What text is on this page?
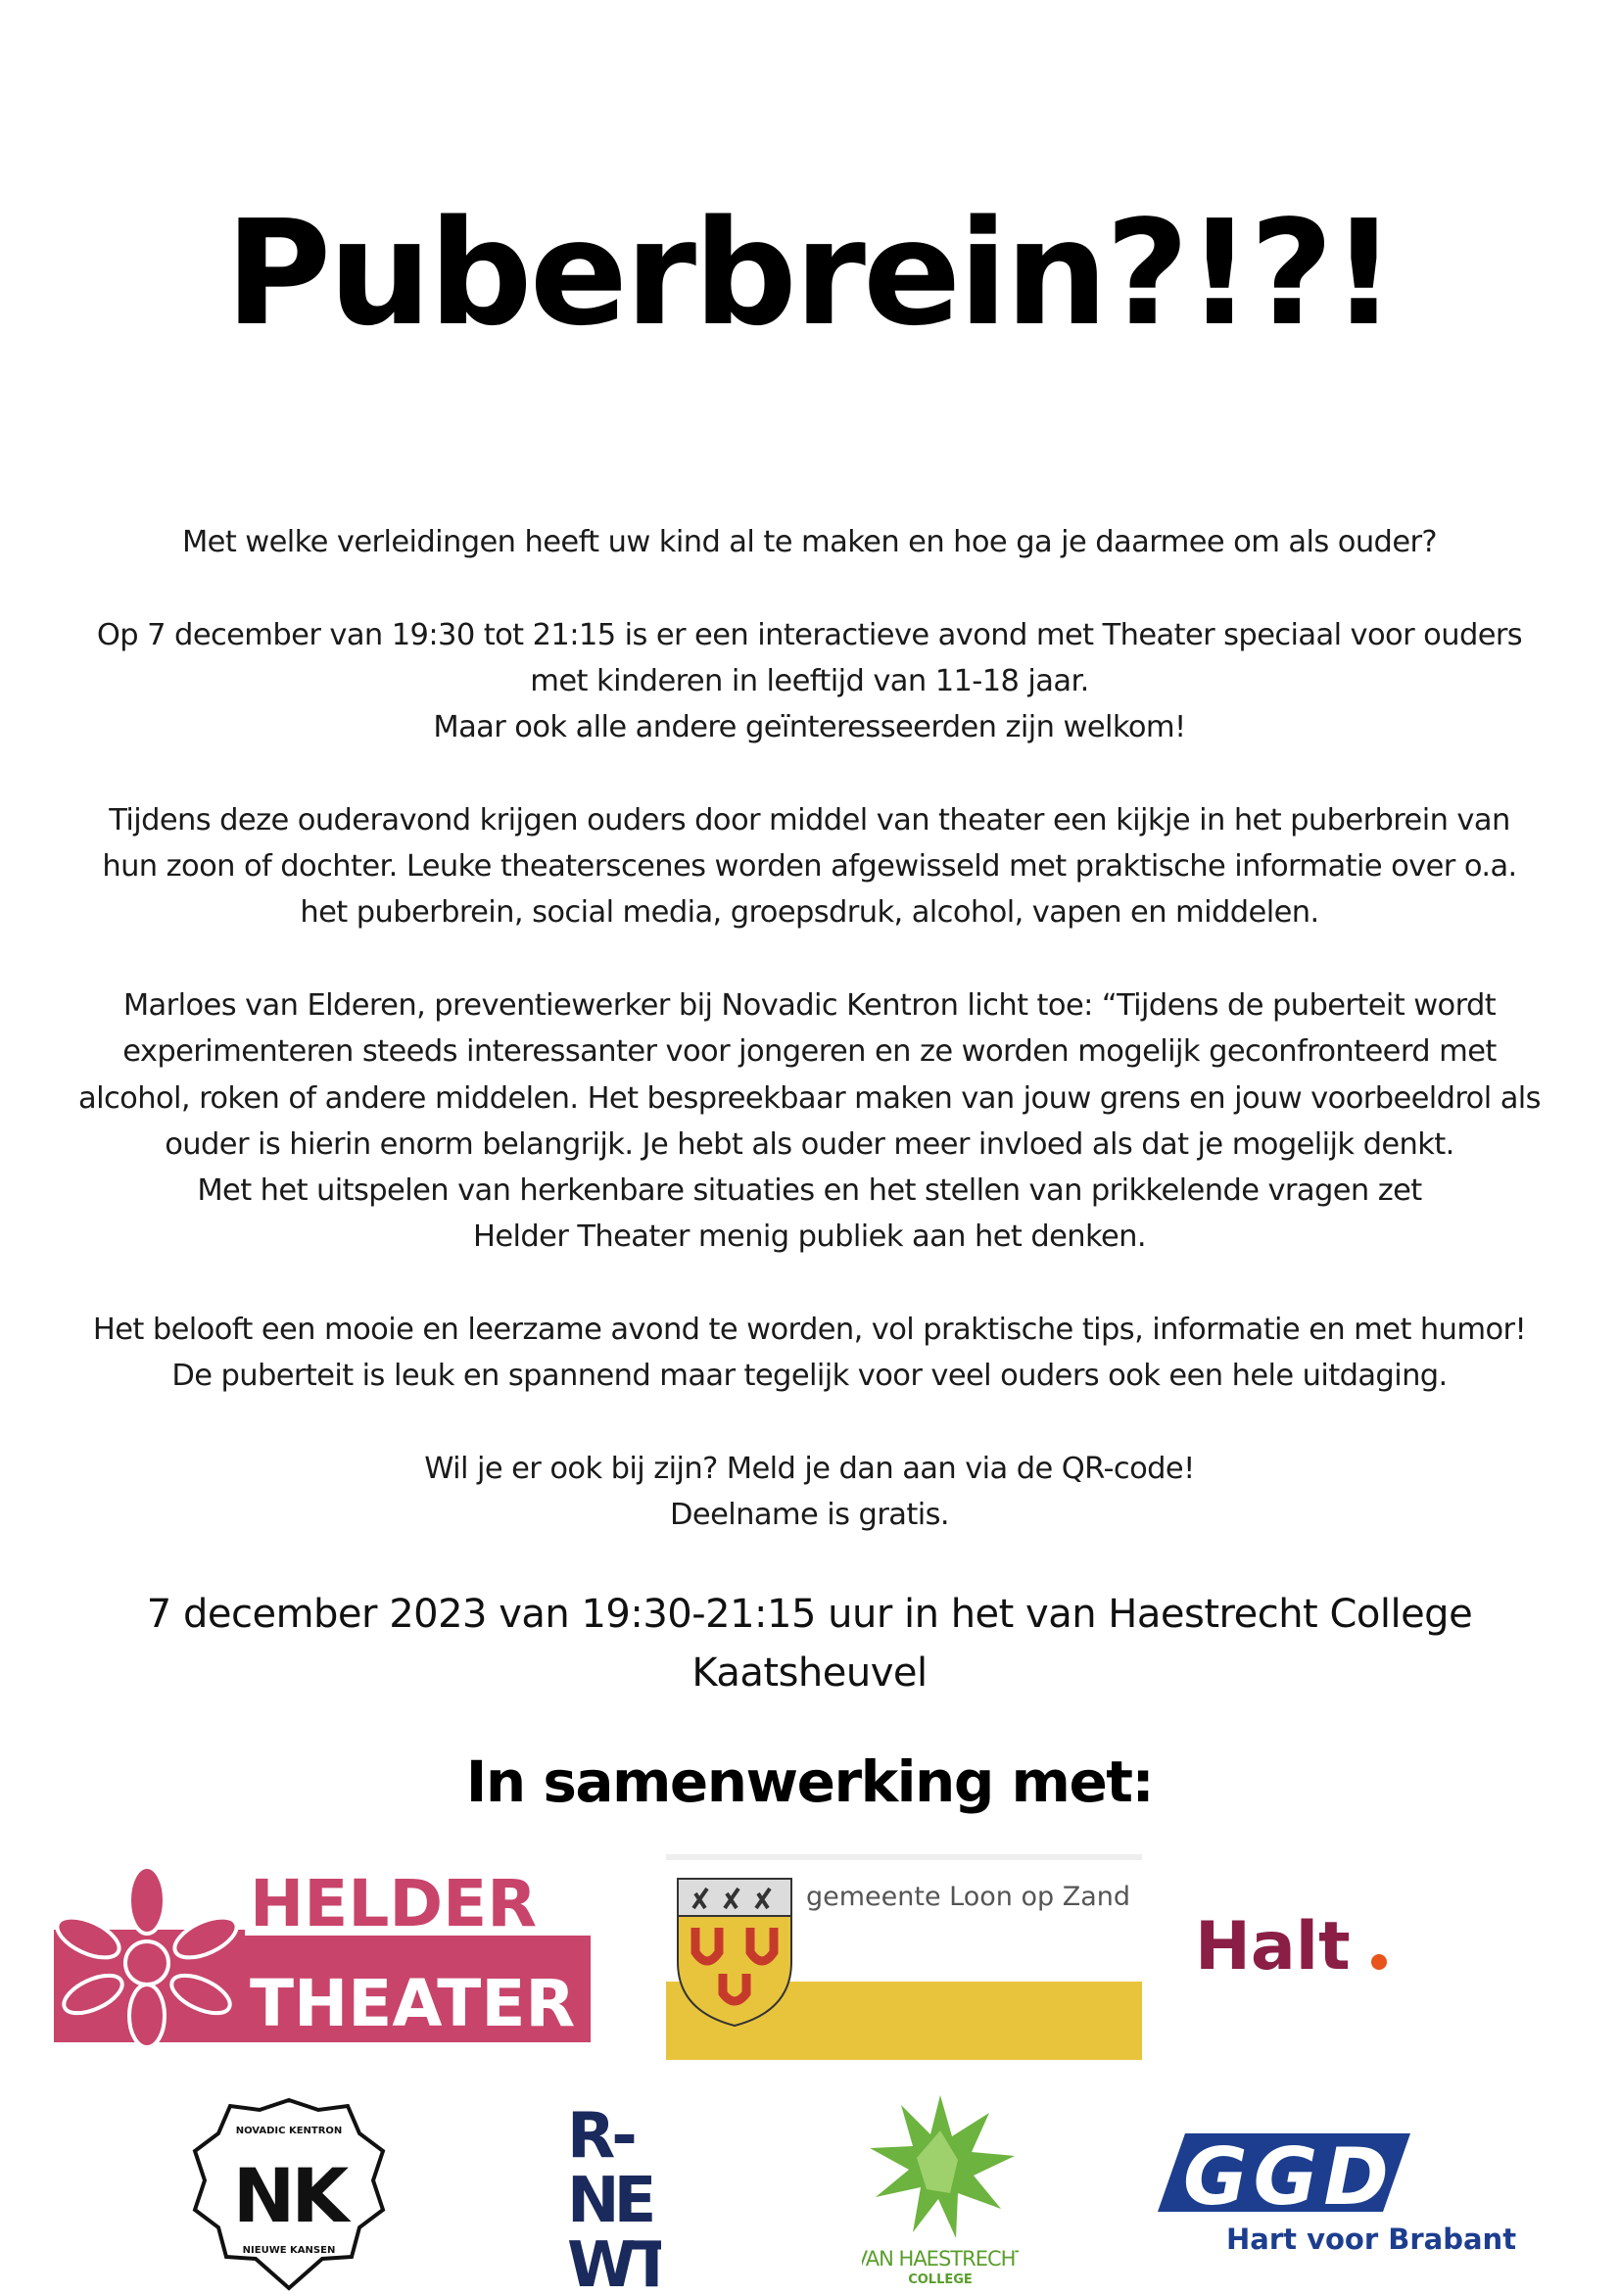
Puberbrein?!?!

Met welke verleidingen heeft uw kind al te maken en hoe ga je daarmee om als ouder?

Op 7 december van 19:30 tot 21:15 is er een interactieve avond met Theater speciaal voor ouders
met kinderen in leeftijd van 11-18 jaar.
Maar ook alle andere geïnteresseerden zijn welkom!

Tijdens deze ouderavond krijgen ouders door middel van theater een kijkje in het puberbrein van
hun zoon of dochter. Leuke theaterscenes worden afgewisseld met praktische informatie over o.a.
het puberbrein, social media, groepsdruk, alcohol, vapen en middelen.

Marloes van Elderen, preventiewerker bij Novadic Kentron licht toe: “Tijdens de puberteit wordt
experimenteren steeds interessanter voor jongeren en ze worden mogelijk geconfronteerd met
alcohol, roken of andere middelen. Het bespreekbaar maken van jouw grens en jouw voorbeeldrol als
ouder is hierin enorm belangrijk. Je hebt als ouder meer invloed als dat je mogelijk denkt.
Met het uitspelen van herkenbare situaties en het stellen van prikkelende vragen zet
Helder Theater menig publiek aan het denken.

Het belooft een mooie en leerzame avond te worden, vol praktische tips, informatie en met humor!
De puberteit is leuk en spannend maar tegelijk voor veel ouders ook een hele uitdaging.

Wil je er ook bij zijn? Meld je dan aan via de QR-code!
Deelname is gratis.

7 december 2023 van 19:30-21:15 uur in het van Haestrecht College
Kaatsheuvel
In samenwerking met:
HELDER
THEATER
gemeente Loon op Zand
Halt
NOVADIC KENTRON
NK
NIEUWE KANSEN
R-
NE
WT	VAN HAESTRECHT
COLLEGE
GGD
Hart voor Brabant
